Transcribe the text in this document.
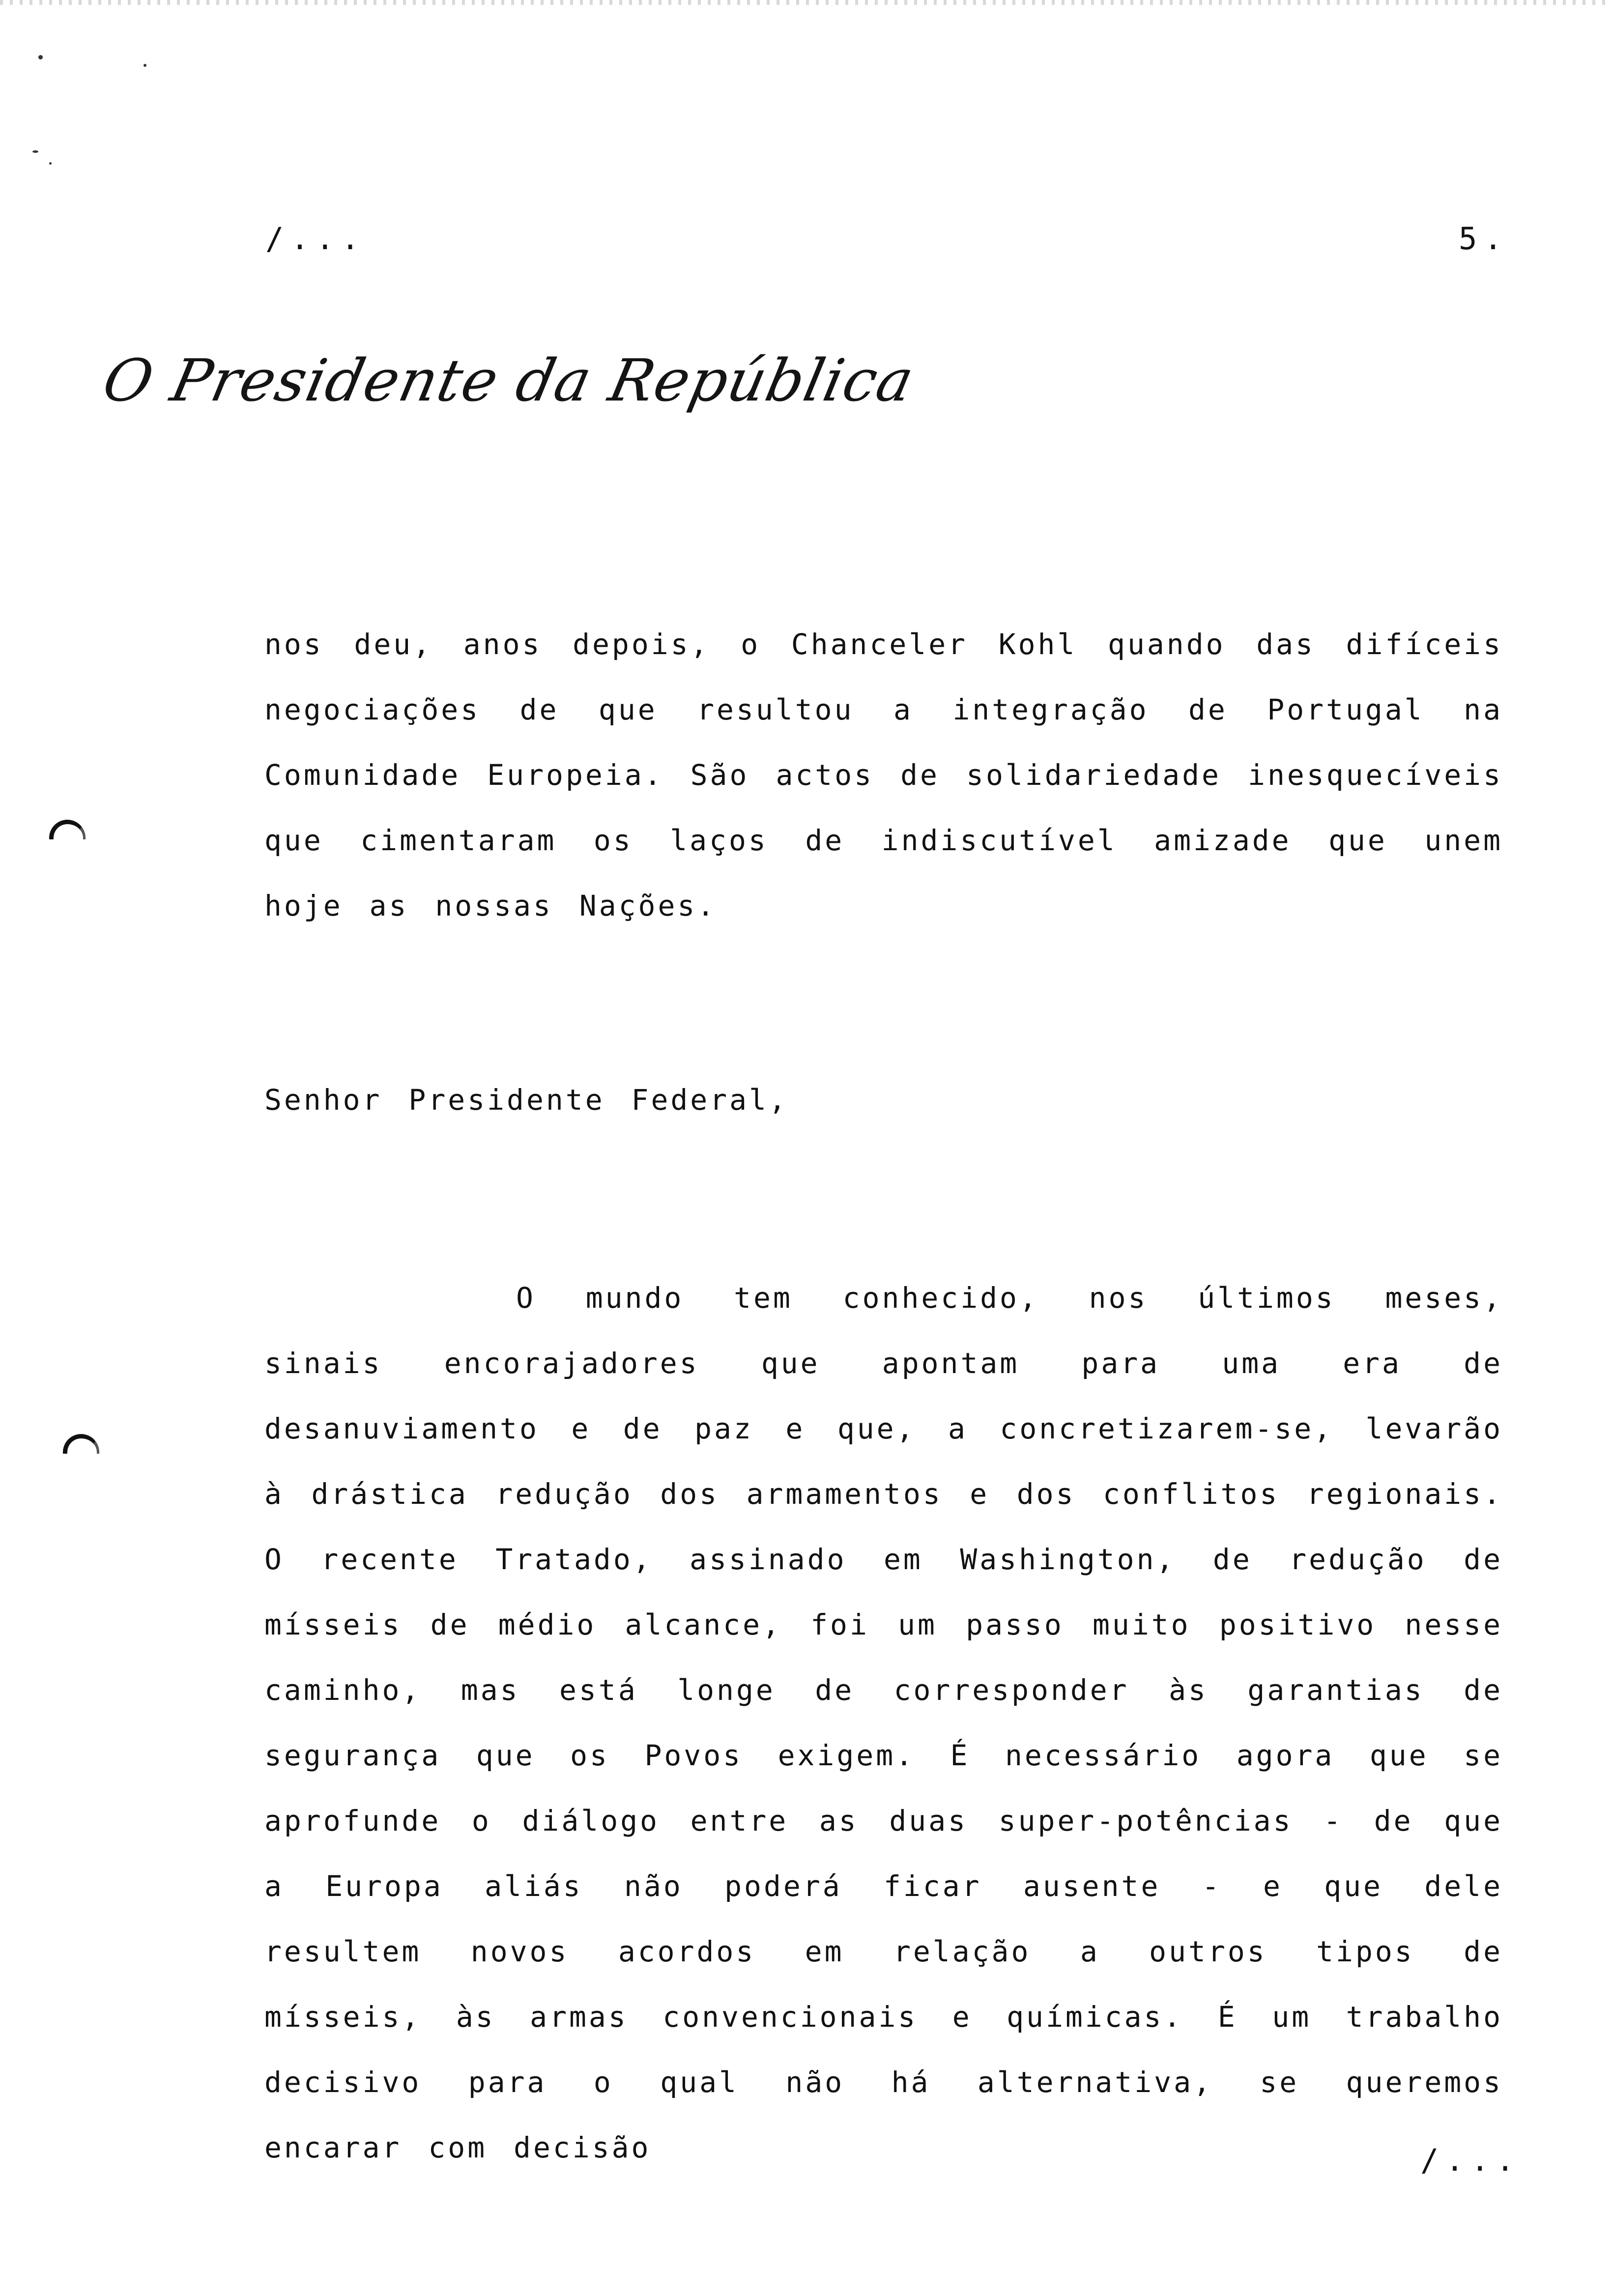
/...	5.
O Presidente da República

nos deu, anos depois, o Chanceler Kohl quando das difíceis negociações de que resultou a integração de Portugal na Comunidade Europeia. São actos de solidariedade inesquecíveis que cimentaram os laços de indiscutível amizade que unem hoje as nossas Nações.

Senhor Presidente Federal,

O mundo tem conhecido, nos últimos meses, sinais encorajadores que apontam para uma era de desanuviamento e de paz e que, a concretizarem-se, levarão à drástica redução dos armamentos e dos conflitos regionais. O recente Tratado, assinado em Washington, de redução de mísseis de médio alcance, foi um passo muito positivo nesse caminho, mas está longe de corresponder às garantias de segurança que os Povos exigem. É necessário agora que se aprofunde o diálogo entre as duas super-potências - de que a Europa aliás não poderá ficar ausente - e que dele resultem novos acordos em relação a outros tipos de mísseis, às armas convencionais e químicas. É um trabalho decisivo para o qual não há alternativa, se queremos encarar com decisão	/...
